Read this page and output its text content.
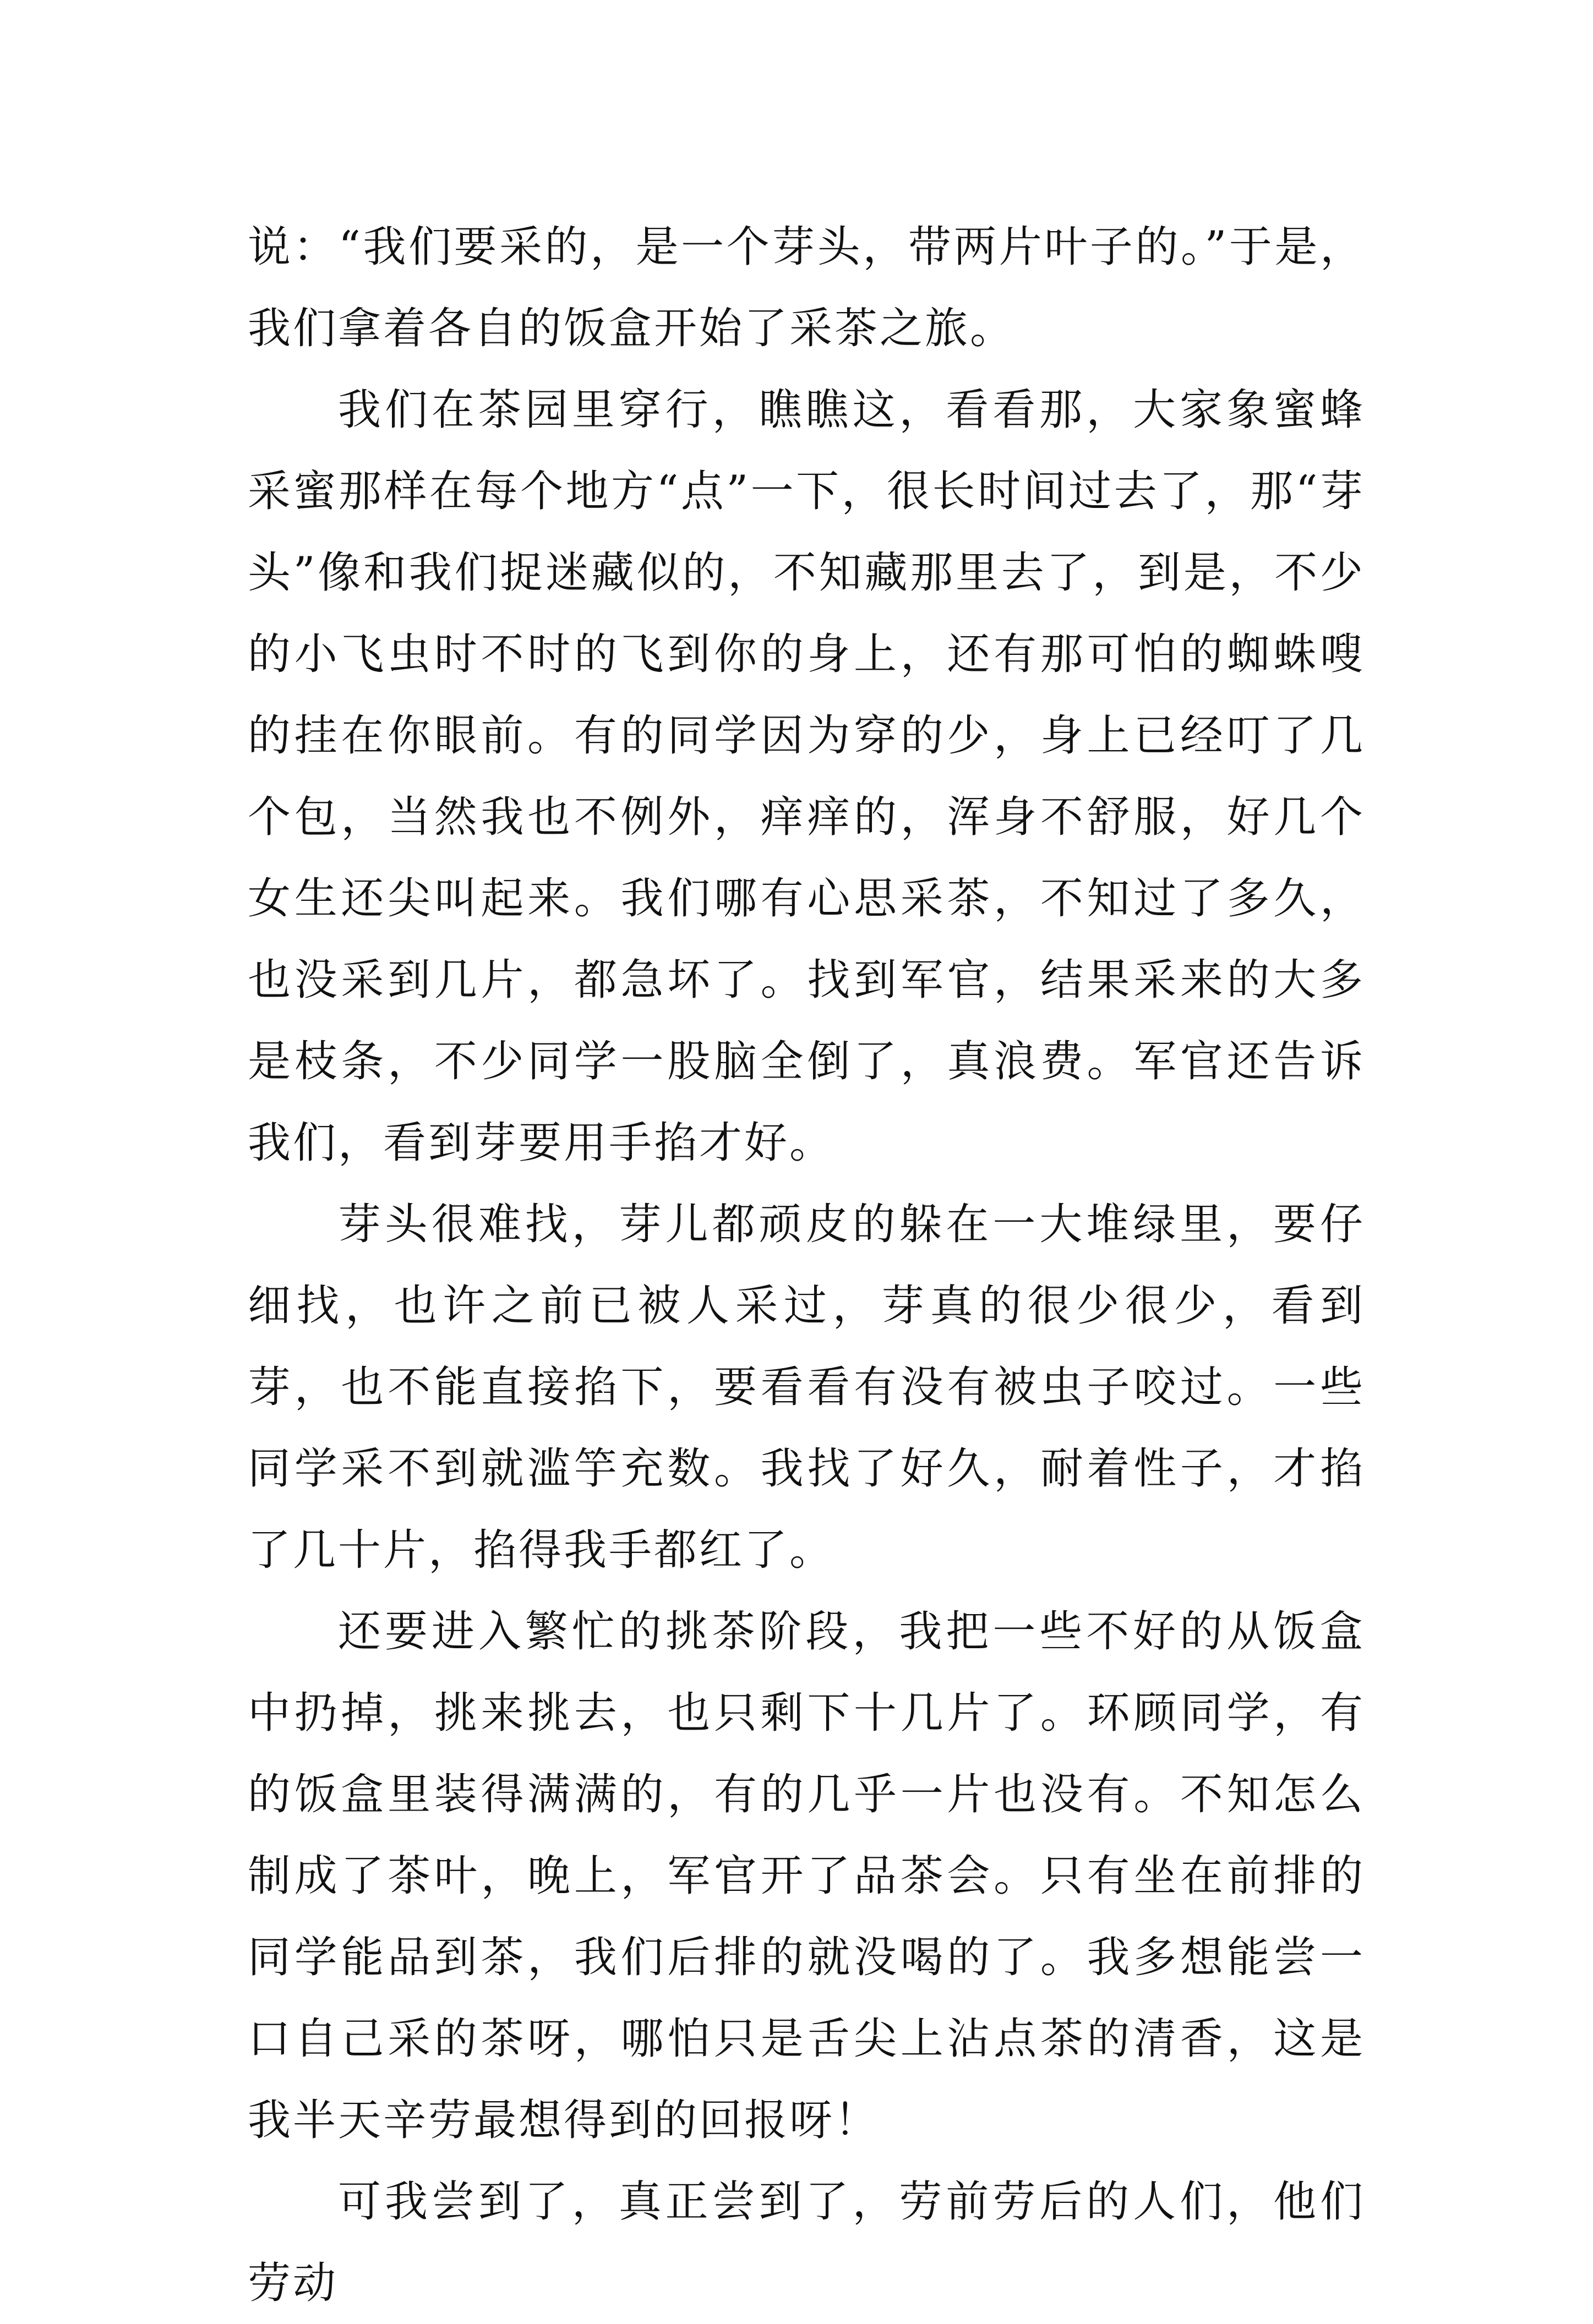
说：“我们要采的，是一个芽头，带两片叶子的。”于是，我们拿着各自的饭盒开始了采茶之旅。

我们在茶园里穿行，瞧瞧这，看看那，大家象蜜蜂采蜜那样在每个地方“点”一下，很长时间过去了，那“芽头”像和我们捉迷藏似的，不知藏那里去了，到是，不少的小飞虫时不时的飞到你的身上，还有那可怕的蜘蛛嗖的挂在你眼前。有的同学因为穿的少，身上已经叮了几个包，当然我也不例外，痒痒的，浑身不舒服，好几个女生还尖叫起来。我们哪有心思采茶，不知过了多久，也没采到几片，都急坏了。找到军官，结果采来的大多是枝条，不少同学一股脑全倒了，真浪费。军官还告诉我们，看到芽要用手掐才好。

芽头很难找，芽儿都顽皮的躲在一大堆绿里，要仔细找，也许之前已被人采过，芽真的很少很少，看到芽，也不能直接掐下，要看看有没有被虫子咬过。一些同学采不到就滥竽充数。我找了好久，耐着性子，才掐了几十片，掐得我手都红了。

还要进入繁忙的挑茶阶段，我把一些不好的从饭盒中扔掉，挑来挑去，也只剩下十几片了。环顾同学，有的饭盒里装得满满的，有的几乎一片也没有。不知怎么制成了茶叶，晚上，军官开了品茶会。只有坐在前排的同学能品到茶，我们后排的就没喝的了。我多想能尝一口自己采的茶呀，哪怕只是舌尖上沾点茶的清香，这是我半天辛劳最想得到的回报呀！

可我尝到了，真正尝到了，劳前劳后的人们，他们劳动
